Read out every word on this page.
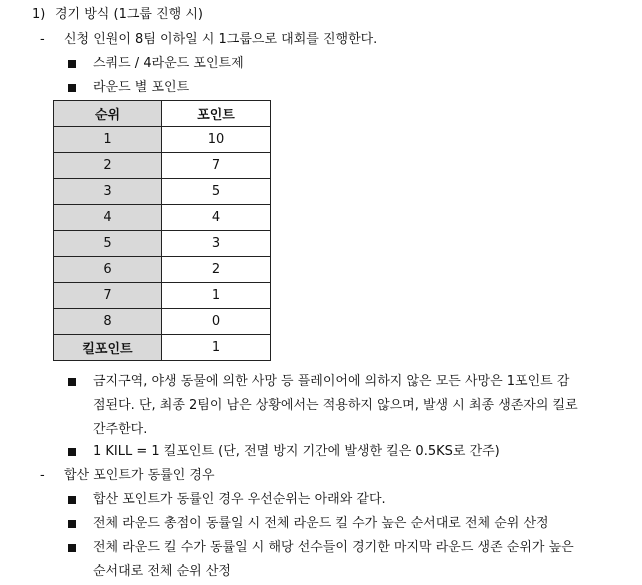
1) 경기 방식 (1그룹 진행 시)
- 신청 인원이 8팀 이하일 시 1그룹으로 대회를 진행한다.
스쿼드 / 4라운드 포인트제
라운드 별 포인트
순위	포인트
1	10
2	7
3	5
4	4
5	3
6	2
7	1
8	0
킬포인트	1
금지구역, 야생 동물에 의한 사망 등 플레이어에 의하지 않은 모든 사망은 1포인트 감
점된다. 단, 최종 2팀이 남은 상황에서는 적용하지 않으며, 발생 시 최종 생존자의 킬로
간주한다.
1 KILL = 1 킬포인트 (단, 전멸 방지 기간에 발생한 킬은 0.5KS로 간주)
- 합산 포인트가 동률인 경우
합산 포인트가 동률인 경우 우선순위는 아래와 같다.
전체 라운드 총점이 동률일 시 전체 라운드 킬 수가 높은 순서대로 전체 순위 산정
전체 라운드 킬 수가 동률일 시 해당 선수들이 경기한 마지막 라운드 생존 순위가 높은
순서대로 전체 순위 산정
